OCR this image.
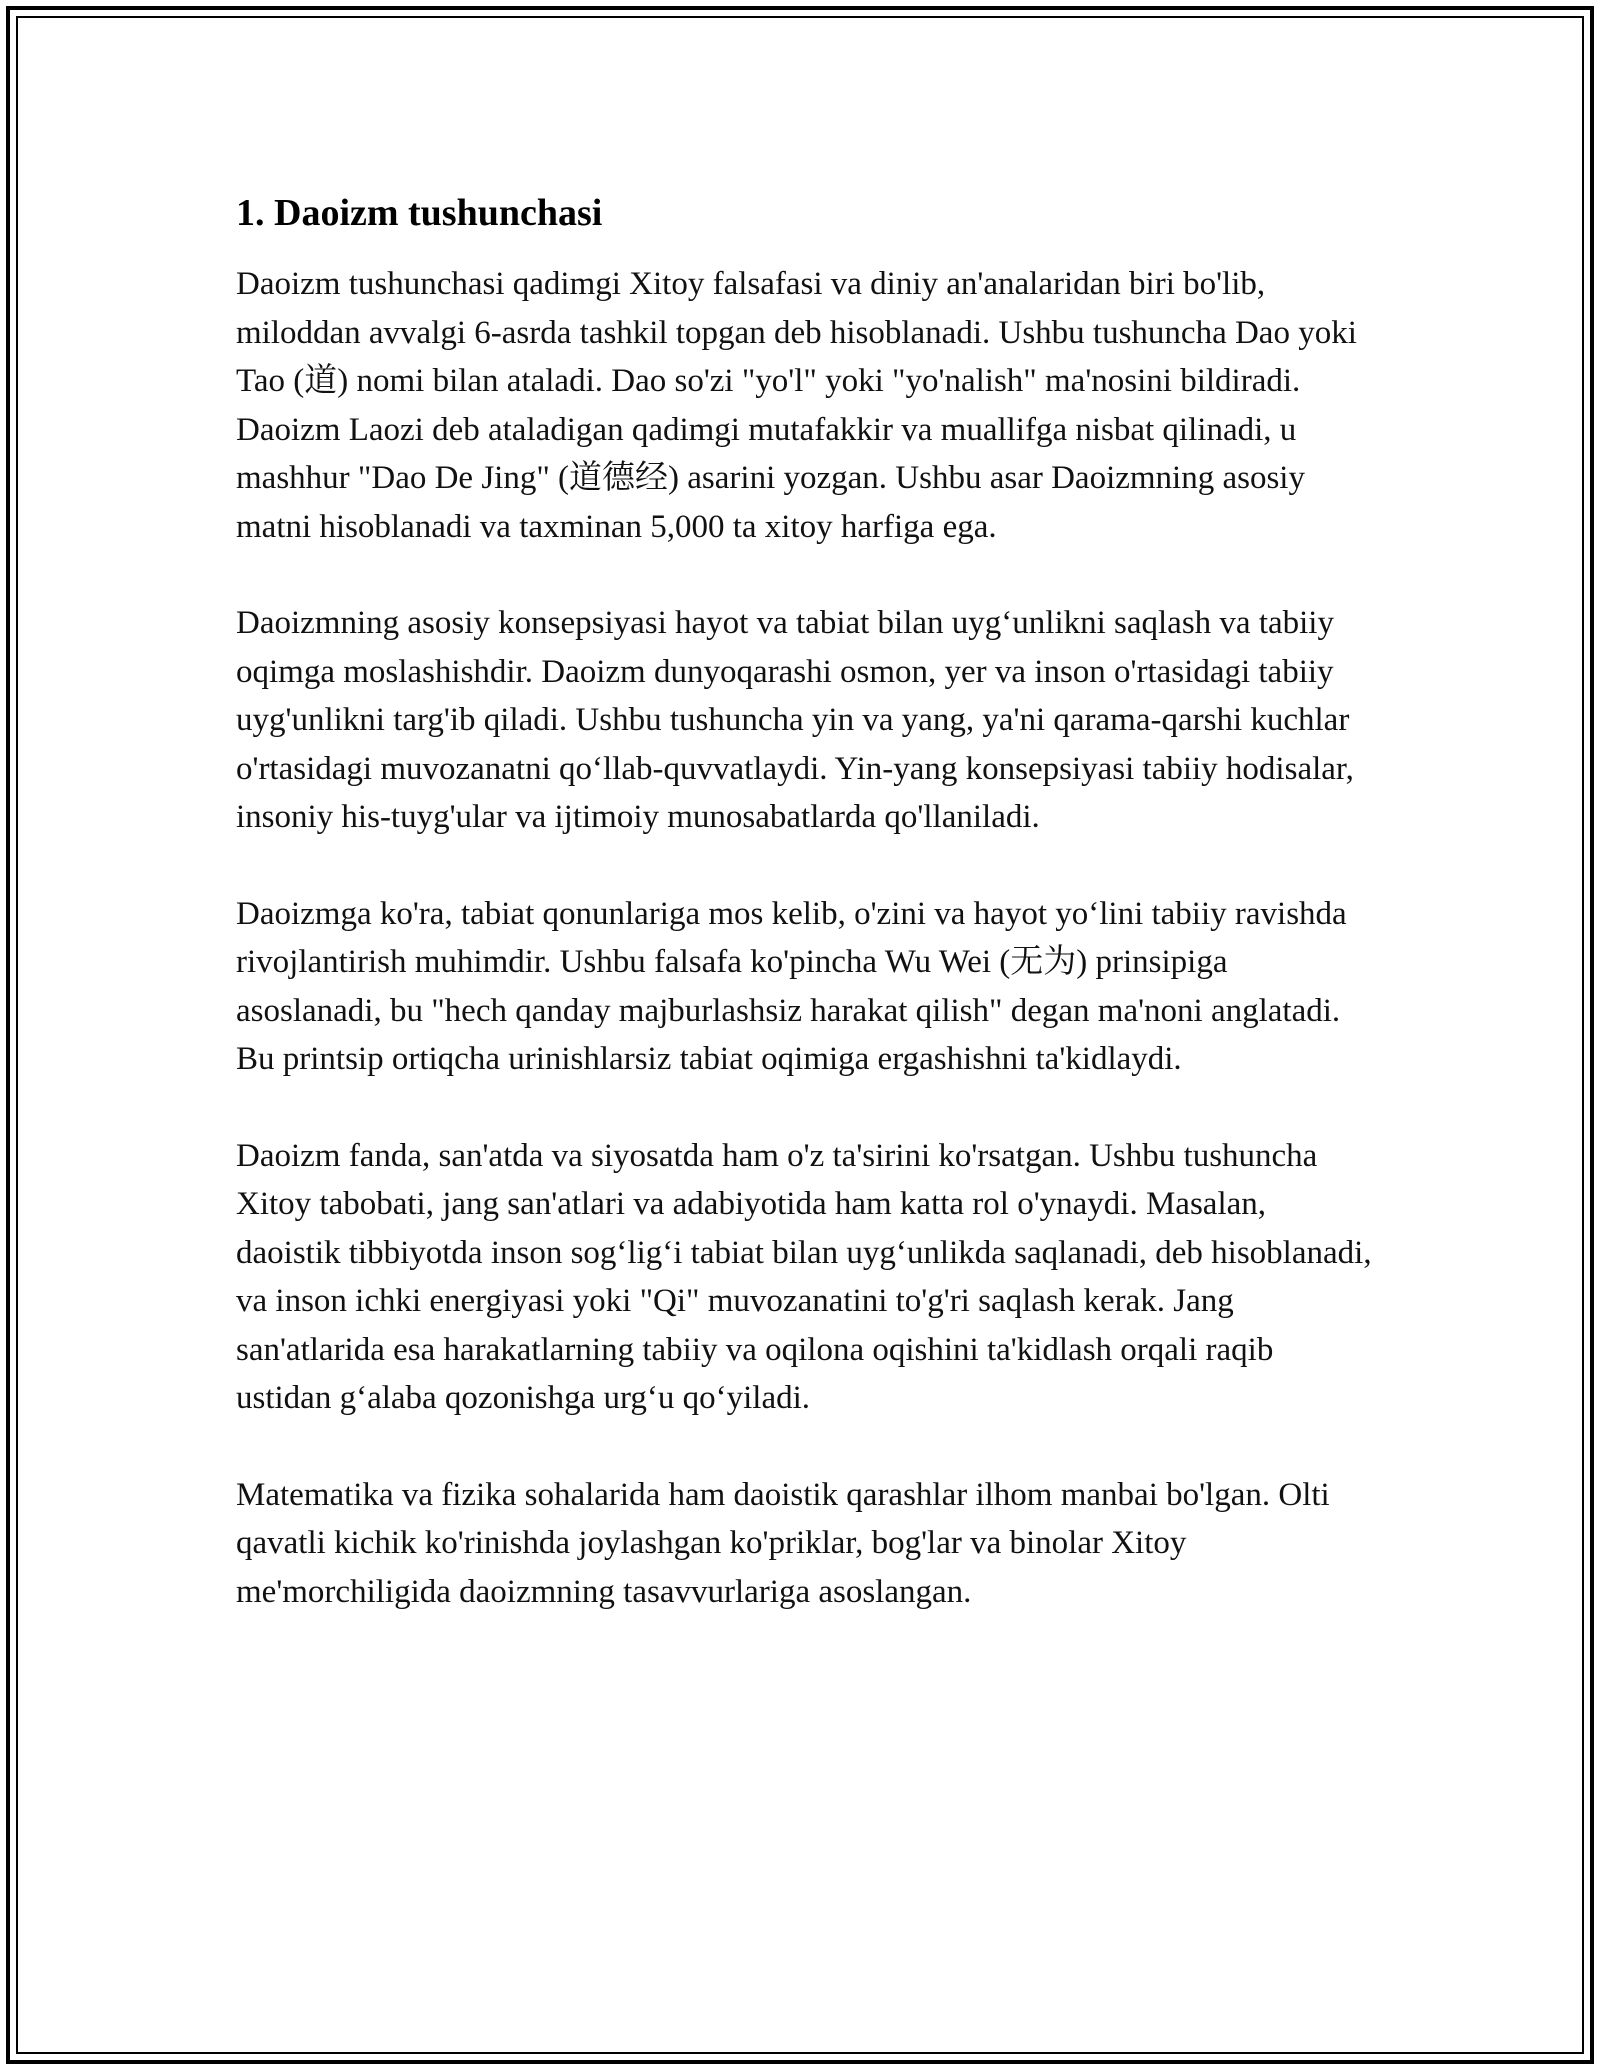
1. Daoizm tushunchasi

Daoizm tushunchasi qadimgi Xitoy falsafasi va diniy an'analaridan biri bo'lib, miloddan avvalgi 6-asrda tashkil topgan deb hisoblanadi. Ushbu tushuncha Dao yoki Tao (道) nomi bilan ataladi. Dao so'zi "yo'l" yoki "yo'nalish" ma'nosini bildiradi. Daoizm Laozi deb ataladigan qadimgi mutafakkir va muallifga nisbat qilinadi, u mashhur "Dao De Jing" (道德经) asarini yozgan. Ushbu asar Daoizmning asosiy matni hisoblanadi va taxminan 5,000 ta xitoy harfiga ega.

Daoizmning asosiy konsepsiyasi hayot va tabiat bilan uyg‘unlikni saqlash va tabiiy oqimga moslashishdir. Daoizm dunyoqarashi osmon, yer va inson o'rtasidagi tabiiy uyg'unlikni targ'ib qiladi. Ushbu tushuncha yin va yang, ya'ni qarama-qarshi kuchlar o'rtasidagi muvozanatni qo‘llab-quvvatlaydi. Yin-yang konsepsiyasi tabiiy hodisalar, insoniy his-tuyg'ular va ijtimoiy munosabatlarda qo'llaniladi.

Daoizmga ko'ra, tabiat qonunlariga mos kelib, o'zini va hayot yo‘lini tabiiy ravishda rivojlantirish muhimdir. Ushbu falsafa ko'pincha Wu Wei (无为) prinsipiga asoslanadi, bu "hech qanday majburlashsiz harakat qilish" degan ma'noni anglatadi. Bu printsip ortiqcha urinishlarsiz tabiat oqimiga ergashishni ta'kidlaydi.

Daoizm fanda, san'atda va siyosatda ham o'z ta'sirini ko'rsatgan. Ushbu tushuncha Xitoy tabobati, jang san'atlari va adabiyotida ham katta rol o'ynaydi. Masalan, daoistik tibbiyotda inson sog‘lig‘i tabiat bilan uyg‘unlikda saqlanadi, deb hisoblanadi, va inson ichki energiyasi yoki "Qi" muvozanatini to'g'ri saqlash kerak. Jang san'atlarida esa harakatlarning tabiiy va oqilona oqishini ta'kidlash orqali raqib ustidan g‘alaba qozonishga urg‘u qo‘yiladi.

Matematika va fizika sohalarida ham daoistik qarashlar ilhom manbai bo'lgan. Olti qavatli kichik ko'rinishda joylashgan ko'priklar, bog'lar va binolar Xitoy me'morchiligida daoizmning tasavvurlariga asoslangan.
